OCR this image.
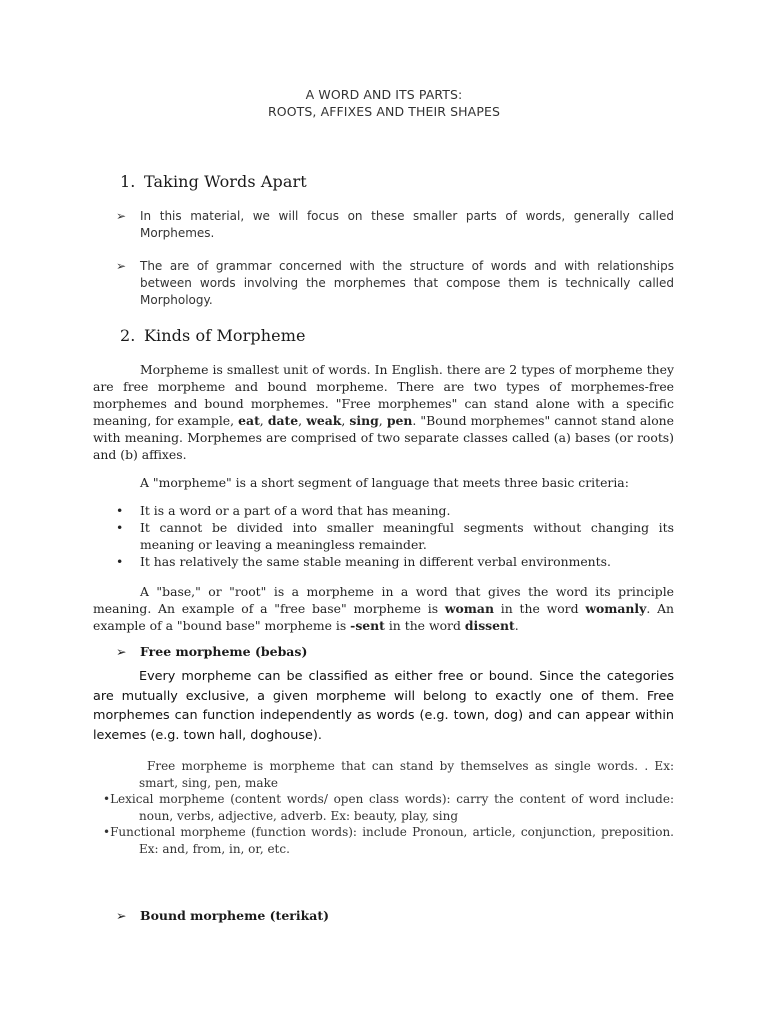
A WORD AND ITS PARTS:
ROOTS, AFFIXES AND THEIR SHAPES
1. Taking Words Apart
➢ In this material, we will focus on these smaller parts of words, generally called Morphemes.
➢ The are of grammar concerned with the structure of words and with relationships between words involving the morphemes that compose them is technically called Morphology.
2. Kinds of Morpheme
Morpheme is smallest unit of words. In English. there are 2 types of morpheme they are free morpheme and bound morpheme. There are two types of morphemes-free morphemes and bound morphemes. "Free morphemes" can stand alone with a specific meaning, for example, eat, date, weak, sing, pen. "Bound morphemes" cannot stand alone with meaning. Morphemes are comprised of two separate classes called (a) bases (or roots) and (b) affixes.
A "morpheme" is a short segment of language that meets three basic criteria:
• It is a word or a part of a word that has meaning.
• It cannot be divided into smaller meaningful segments without changing its meaning or leaving a meaningless remainder.
• It has relatively the same stable meaning in different verbal environments.
A "base," or "root" is a morpheme in a word that gives the word its principle meaning. An example of a "free base" morpheme is woman in the word womanly. An example of a "bound base" morpheme is -sent in the word dissent.
➢ Free morpheme (bebas)
Every morpheme can be classified as either free or bound. Since the categories are mutually exclusive, a given morpheme will belong to exactly one of them. Free morphemes can function independently as words (e.g. town, dog) and can appear within lexemes (e.g. town hall, doghouse).
Free morpheme is morpheme that can stand by themselves as single words. . Ex: smart, sing, pen, make
•Lexical morpheme (content words/ open class words): carry the content of word include: noun, verbs, adjective, adverb. Ex: beauty, play, sing
•Functional morpheme (function words): include Pronoun, article, conjunction, preposition. Ex: and, from, in, or, etc.
➢ Bound morpheme (terikat)
